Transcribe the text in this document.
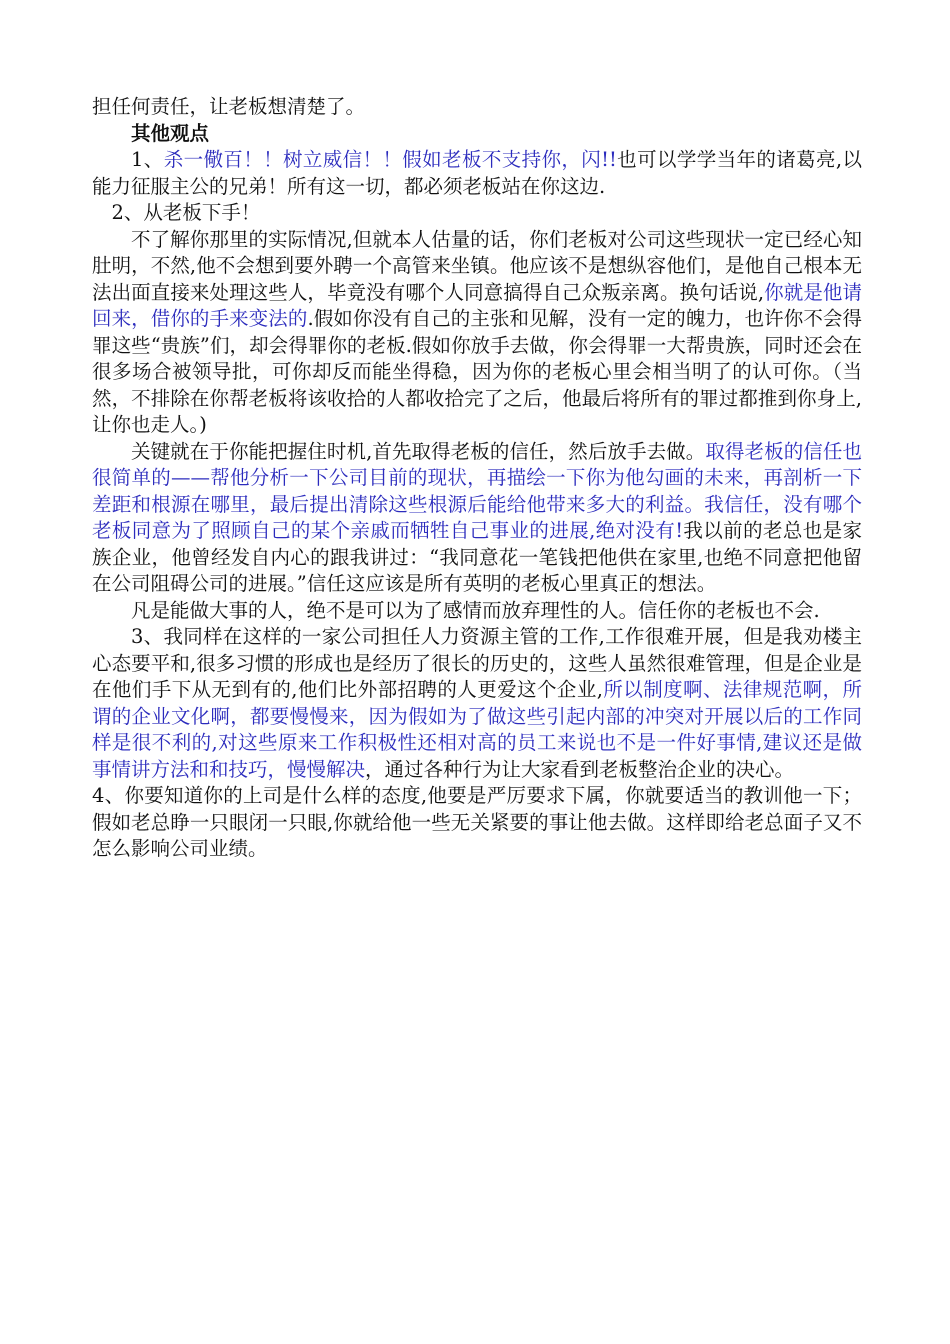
担任何责任，让老板想清楚了。

其他观点

1、杀一儆百！！树立威信！！假如老板不支持你，闪!!也可以学学当年的诸葛亮,以能力征服主公的兄弟！所有这一切，都必须老板站在你这边.

2、从老板下手！

不了解你那里的实际情况,但就本人估量的话，你们老板对公司这些现状一定已经心知肚明，不然,他不会想到要外聘一个高管来坐镇。他应该不是想纵容他们，是他自己根本无法出面直接来处理这些人，毕竟没有哪个人同意搞得自己众叛亲离。换句话说,你就是他请回来，借你的手来变法的.假如你没有自己的主张和见解，没有一定的魄力，也许你不会得罪这些“贵族”们，却会得罪你的老板.假如你放手去做，你会得罪一大帮贵族，同时还会在很多场合被领导批，可你却反而能坐得稳，因为你的老板心里会相当明了的认可你。（当然，不排除在你帮老板将该收拾的人都收拾完了之后，他最后将所有的罪过都推到你身上,让你也走人。)

关键就在于你能把握住时机,首先取得老板的信任，然后放手去做。取得老板的信任也很简单的——帮他分析一下公司目前的现状，再描绘一下你为他勾画的未来，再剖析一下差距和根源在哪里，最后提出清除这些根源后能给他带来多大的利益。我信任，没有哪个老板同意为了照顾自己的某个亲戚而牺牲自己事业的进展,绝对没有!我以前的老总也是家族企业，他曾经发自内心的跟我讲过：“我同意花一笔钱把他供在家里,也绝不同意把他留在公司阻碍公司的进展。”信任这应该是所有英明的老板心里真正的想法。

凡是能做大事的人，绝不是可以为了感情而放弃理性的人。信任你的老板也不会.

3、我同样在这样的一家公司担任人力资源主管的工作,工作很难开展，但是我劝楼主心态要平和,很多习惯的形成也是经历了很长的历史的，这些人虽然很难管理，但是企业是在他们手下从无到有的,他们比外部招聘的人更爱这个企业,所以制度啊、法律规范啊，所谓的企业文化啊，都要慢慢来，因为假如为了做这些引起内部的冲突对开展以后的工作同样是很不利的,对这些原来工作积极性还相对高的员工来说也不是一件好事情,建议还是做事情讲方法和和技巧，慢慢解决，通过各种行为让大家看到老板整治企业的决心。

4、你要知道你的上司是什么样的态度,他要是严厉要求下属，你就要适当的教训他一下；假如老总睁一只眼闭一只眼,你就给他一些无关紧要的事让他去做。这样即给老总面子又不怎么影响公司业绩。
